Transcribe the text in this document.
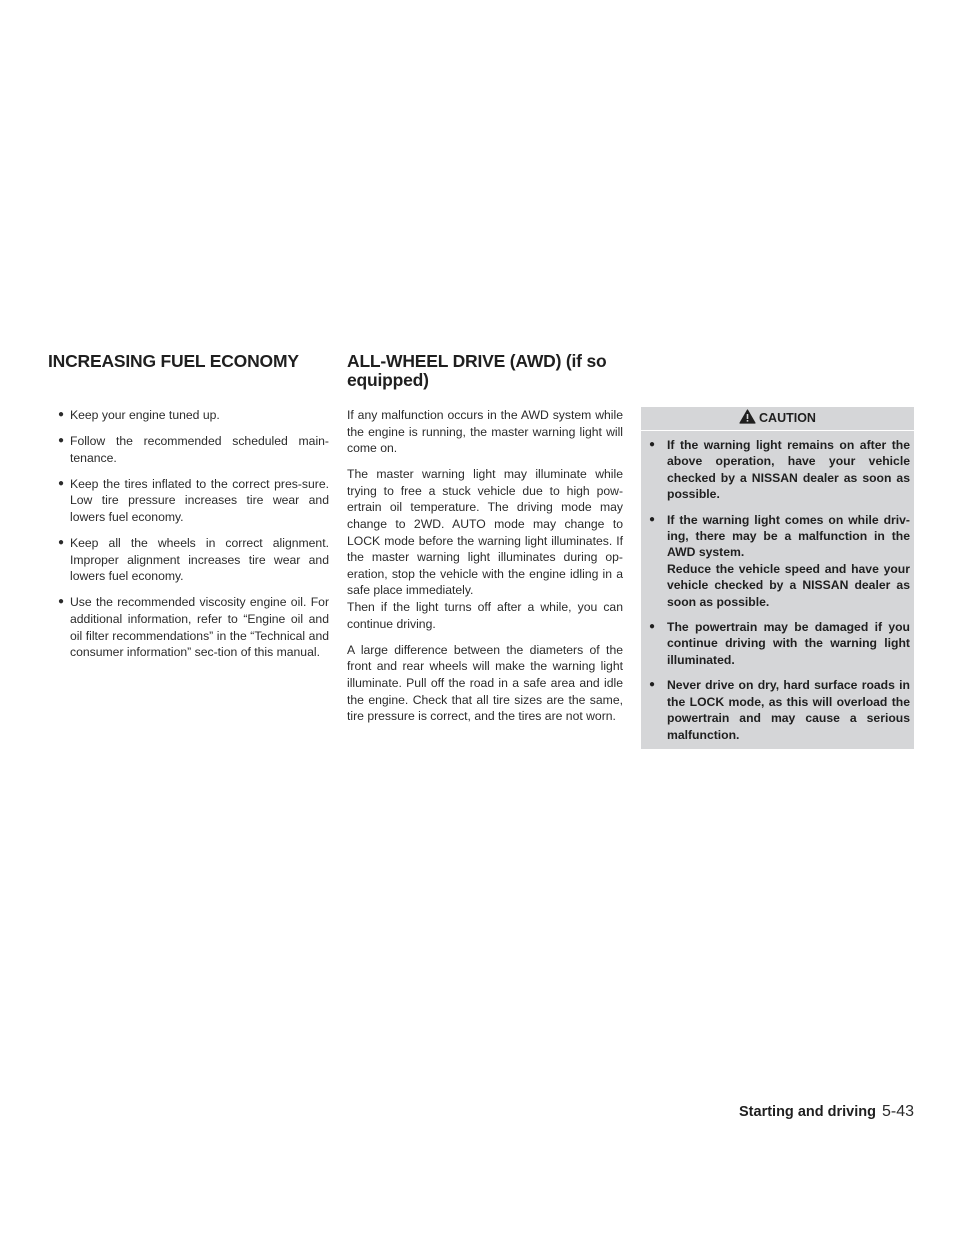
INCREASING FUEL ECONOMY	ALL-WHEEL DRIVE (AWD) (if so equipped)
● Keep your engine tuned up.
● Follow the recommended scheduled main-tenance.
● Keep the tires inflated to the correct pres-sure. Low tire pressure increases tire wear and lowers fuel economy.
● Keep all the wheels in correct alignment. Improper alignment increases tire wear and lowers fuel economy.
● Use the recommended viscosity engine oil. For additional information, refer to “Engine oil and oil filter recommendations” in the “Technical and consumer information” sec-tion of this manual.

If any malfunction occurs in the AWD system while the engine is running, the master warning light will come on.

The master warning light may illuminate while trying to free a stuck vehicle due to high pow-ertrain oil temperature. The driving mode may change to 2WD. AUTO mode may change to LOCK mode before the warning light illuminates. If the master warning light illuminates during op-eration, stop the vehicle with the engine idling in a safe place immediately.

Then if the light turns off after a while, you can continue driving.

A large difference between the diameters of the front and rear wheels will make the warning light illuminate. Pull off the road in a safe area and idle the engine. Check that all tire sizes are the same, tire pressure is correct, and the tires are not worn.

CAUTION
● If the warning light remains on after the above operation, have your vehicle checked by a NISSAN dealer as soon as possible.
● If the warning light comes on while driv-ing, there may be a malfunction in the AWD system.
Reduce the vehicle speed and have your vehicle checked by a NISSAN dealer as soon as possible.
● The powertrain may be damaged if you continue driving with the warning light illuminated.
● Never drive on dry, hard surface roads in the LOCK mode, as this will overload the powertrain and may cause a serious malfunction.
Starting and driving 5-43
